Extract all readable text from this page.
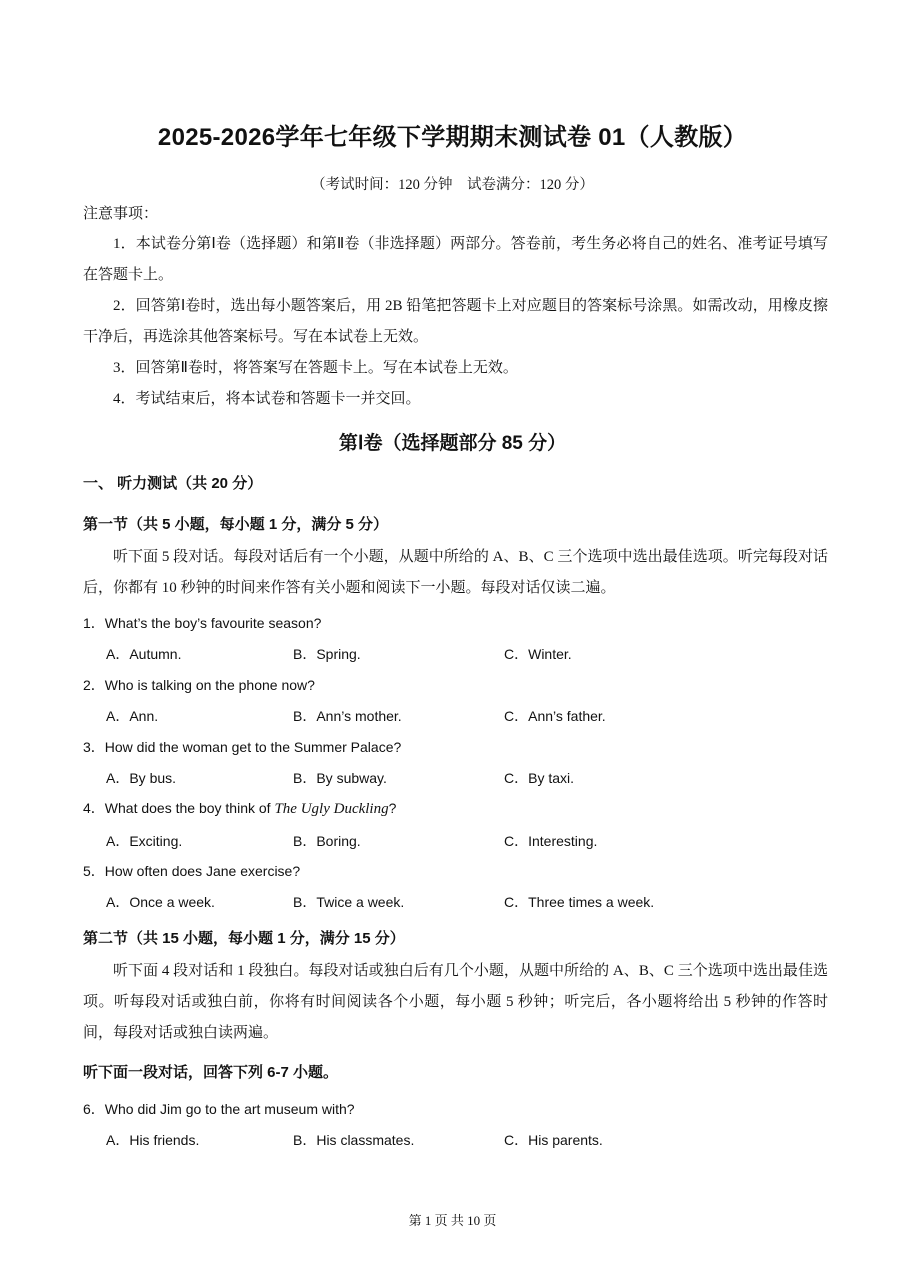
2025-2026学年七年级下学期期末测试卷 01（人教版）
（考试时间：120 分钟　试卷满分：120 分）
注意事项：
1．本试卷分第Ⅰ卷（选择题）和第Ⅱ卷（非选择题）两部分。答卷前，考生务必将自己的姓名、准考证号填写在答题卡上。
2．回答第Ⅰ卷时，选出每小题答案后，用 2B 铅笔把答题卡上对应题目的答案标号涂黑。如需改动，用橡皮擦干净后，再选涂其他答案标号。写在本试卷上无效。
3．回答第Ⅱ卷时，将答案写在答题卡上。写在本试卷上无效。
4．考试结束后，将本试卷和答题卡一并交回。
第Ⅰ卷（选择题部分 85 分）
一、 听力测试（共 20 分）
第一节（共 5 小题，每小题 1 分，满分 5 分）
听下面 5 段对话。每段对话后有一个小题，从题中所给的 A、B、C 三个选项中选出最佳选项。听完每段对话后，你都有 10 秒钟的时间来作答有关小题和阅读下一小题。每段对话仅读二遍。
1．What’s the boy’s favourite season?
A．Autumn.	B．Spring.	C．Winter.
2．Who is talking on the phone now?
A．Ann.	B．Ann’s mother.	C．Ann’s father.
3．How did the woman get to the Summer Palace?
A．By bus.	B．By subway.	C．By taxi.
4．What does the boy think of The Ugly Duckling?
A．Exciting.	B．Boring.	C．Interesting.
5．How often does Jane exercise?
A．Once a week.	B．Twice a week.	C．Three times a week.
第二节（共 15 小题，每小题 1 分，满分 15 分）
听下面 4 段对话和 1 段独白。每段对话或独白后有几个小题，从题中所给的 A、B、C 三个选项中选出最佳选项。听每段对话或独白前，你将有时间阅读各个小题，每小题 5 秒钟；听完后，各小题将给出 5 秒钟的作答时间，每段对话或独白读两遍。
听下面一段对话，回答下列 6-7 小题。
6．Who did Jim go to the art museum with?
A．His friends.	B．His classmates.	C．His parents.
第 1 页 共 10 页
